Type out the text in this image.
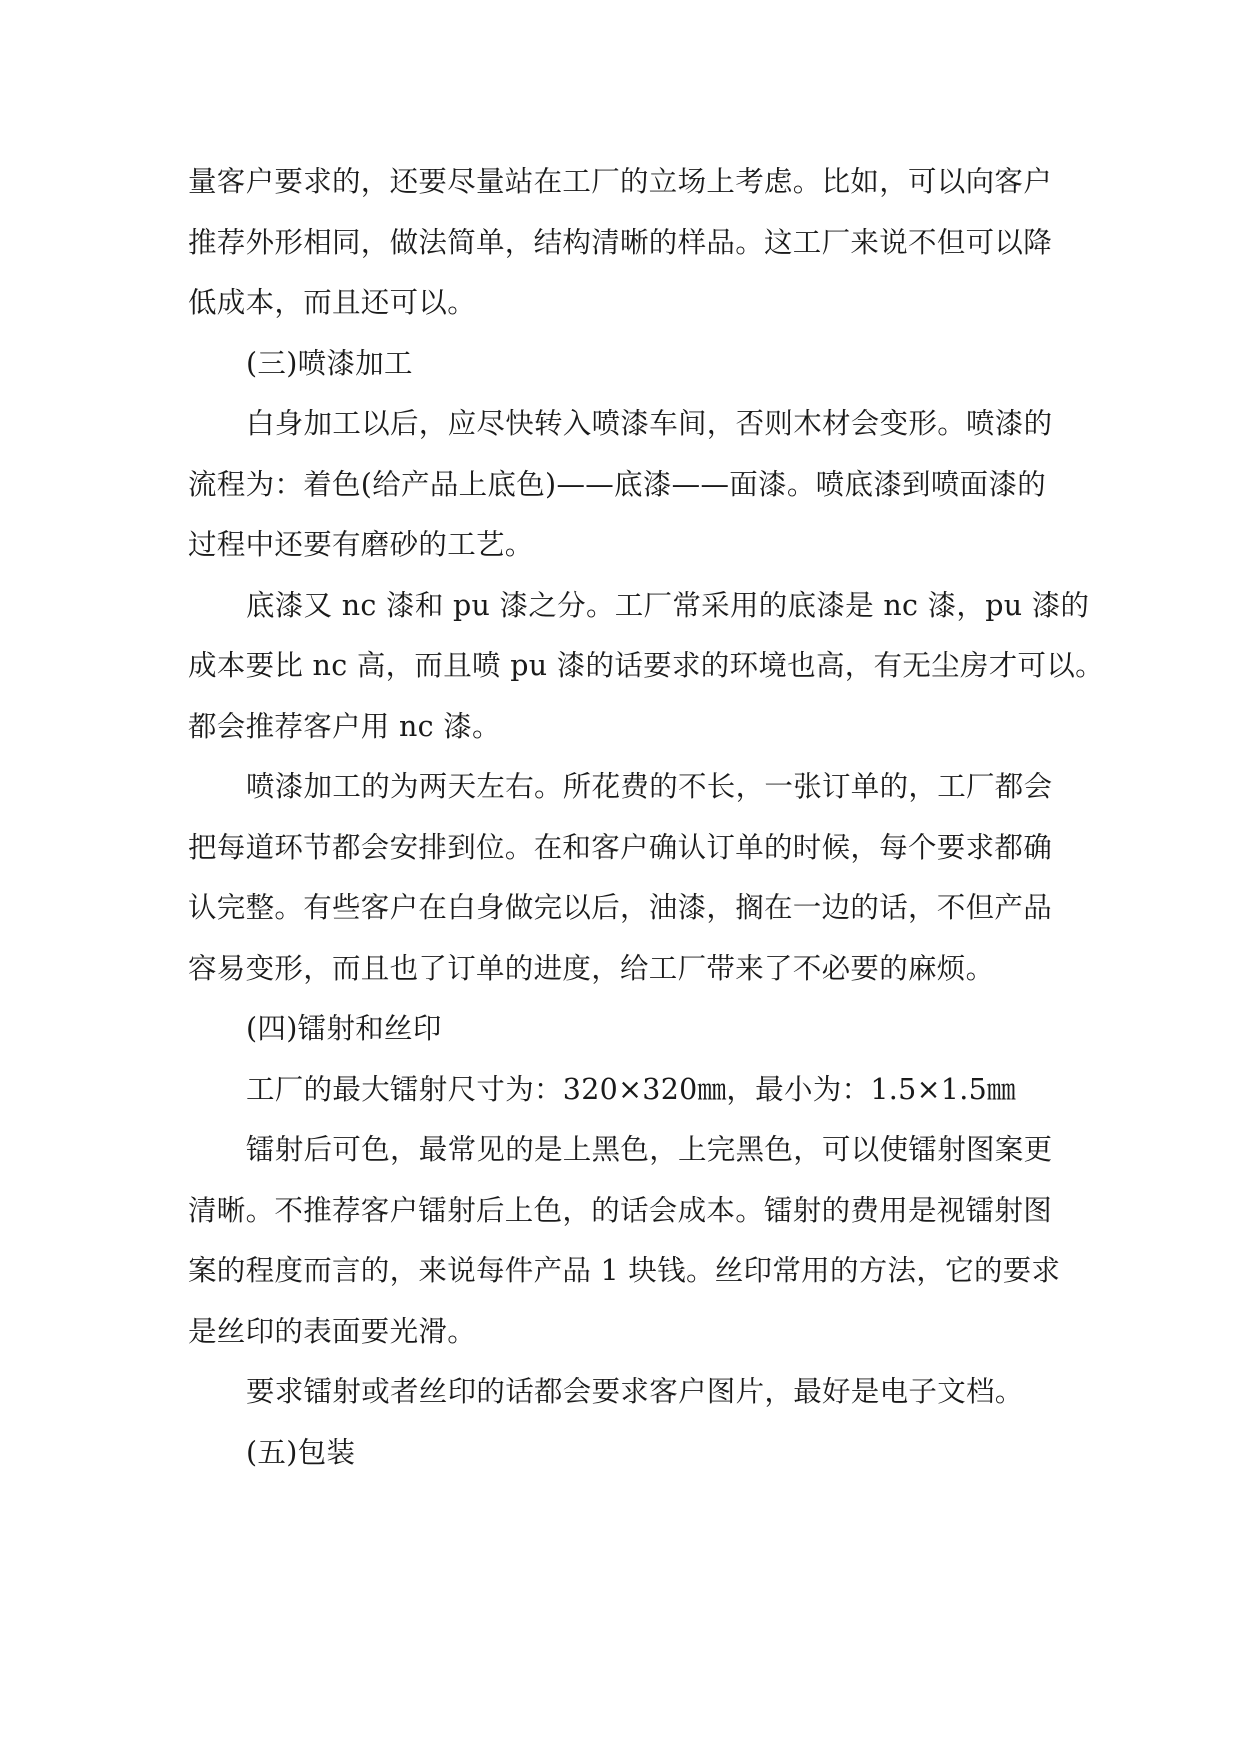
量客户要求的，还要尽量站在工厂的立场上考虑。比如，可以向客户
推荐外形相同，做法简单，结构清晰的样品。这工厂来说不但可以降
低成本，而且还可以。
(三)喷漆加工
白身加工以后，应尽快转入喷漆车间，否则木材会变形。喷漆的
流程为：着色(给产品上底色)——底漆——面漆。喷底漆到喷面漆的
过程中还要有磨砂的工艺。
底漆又 nc 漆和 pu 漆之分。工厂常采用的底漆是 nc 漆，pu 漆的
成本要比 nc 高，而且喷 pu 漆的话要求的环境也高，有无尘房才可以。
都会推荐客户用 nc 漆。
喷漆加工的为两天左右。所花费的不长，一张订单的，工厂都会
把每道环节都会安排到位。在和客户确认订单的时候，每个要求都确
认完整。有些客户在白身做完以后，油漆，搁在一边的话，不但产品
容易变形，而且也了订单的进度，给工厂带来了不必要的麻烦。
(四)镭射和丝印
工厂的最大镭射尺寸为：320×320㎜，最小为：1.5×1.5㎜
镭射后可色，最常见的是上黑色，上完黑色，可以使镭射图案更
清晰。不推荐客户镭射后上色，的话会成本。镭射的费用是视镭射图
案的程度而言的，来说每件产品 1 块钱。丝印常用的方法，它的要求
是丝印的表面要光滑。
要求镭射或者丝印的话都会要求客户图片，最好是电子文档。
(五)包装
